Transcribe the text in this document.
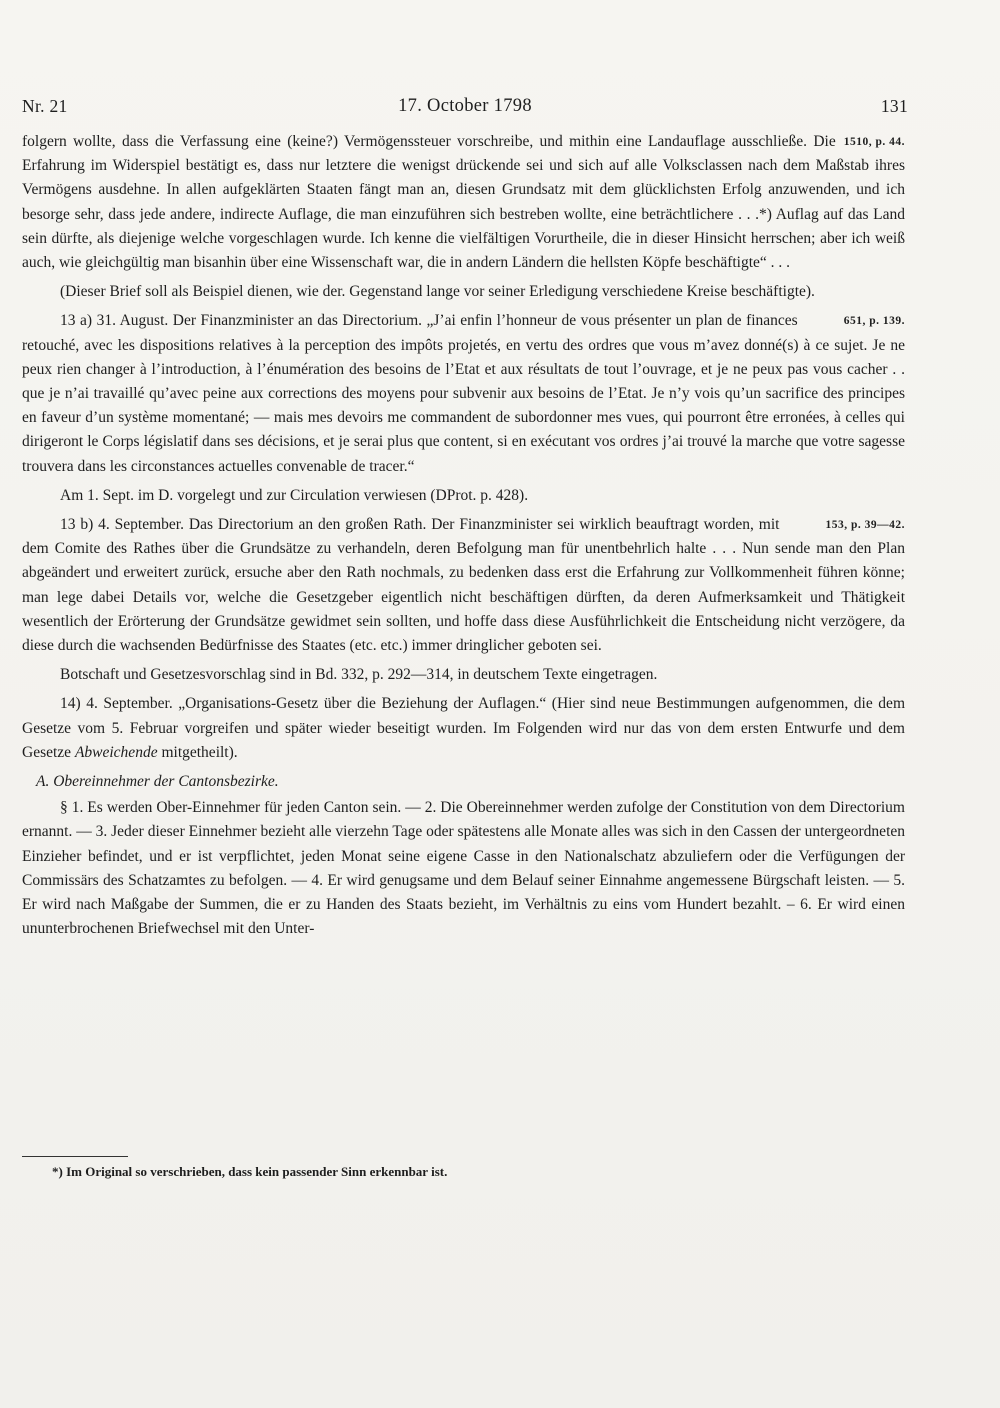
Nr. 21	17. October 1798	131

1510, p. 44.
folgern wollte, dass die Verfassung eine (keine?) Vermögenssteuer vorschreibe, und mithin eine Landauflage ausschließe. Die Erfahrung im Widerspiel bestätigt es, dass nur letztere die wenigst drückende sei und sich auf alle Volksclassen nach dem Maßstab ihres Vermögens ausdehne. In allen aufgeklärten Staaten fängt man an, diesen Grundsatz mit dem glücklichsten Erfolg anzuwenden, und ich besorge sehr, dass jede andere, indirecte Auflage, die man einzuführen sich bestreben wollte, eine beträchtlichere . . .*) Auflag auf das Land sein dürfte, als diejenige welche vorgeschlagen wurde. Ich kenne die vielfältigen Vorurtheile, die in dieser Hinsicht herrschen; aber ich weiß auch, wie gleichgültig man bisanhin über eine Wissenschaft war, die in andern Ländern die hellsten Köpfe beschäftigte“ . . .

(Dieser Brief soll als Beispiel dienen, wie der. Gegenstand lange vor seiner Erledigung verschiedene Kreise beschäftigte).

651, p. 139.
13 a) 31. August. Der Finanzminister an das Directorium. „J’ai enfin l’honneur de vous présenter un plan de finances retouché, avec les dispositions relatives à la perception des impôts projetés, en vertu des ordres que vous m’avez donné(s) à ce sujet. Je ne peux rien changer à l’introduction, à l’énumération des besoins de l’Etat et aux résultats de tout l’ouvrage, et je ne peux pas vous cacher . . que je n’ai travaillé qu’avec peine aux corrections des moyens pour subvenir aux besoins de l’Etat. Je n’y vois qu’un sacrifice des principes en faveur d’un système momentané; — mais mes devoirs me commandent de subordonner mes vues, qui pourront être erronées, à celles qui dirigeront le Corps législatif dans ses décisions, et je serai plus que content, si en exécutant vos ordres j’ai trouvé la marche que votre sagesse trouvera dans les circonstances actuelles convenable de tracer.“

Am 1. Sept. im D. vorgelegt und zur Circulation verwiesen (DProt. p. 428).

153, p. 39—42.
13 b) 4. September. Das Directorium an den großen Rath. Der Finanzminister sei wirklich beauftragt worden, mit dem Comite des Rathes über die Grundsätze zu verhandeln, deren Befolgung man für unentbehrlich halte . . . Nun sende man den Plan abgeändert und erweitert zurück, ersuche aber den Rath nochmals, zu bedenken dass erst die Erfahrung zur Vollkommenheit führen könne; man lege dabei Details vor, welche die Gesetzgeber eigentlich nicht beschäftigen dürften, da deren Aufmerksamkeit und Thätigkeit wesentlich der Erörterung der Grundsätze gewidmet sein sollten, und hoffe dass diese Ausführlichkeit die Entscheidung nicht verzögere, da diese durch die wachsenden Bedürfnisse des Staates (etc. etc.) immer dringlicher geboten sei.

Botschaft und Gesetzesvorschlag sind in Bd. 332, p. 292—314, in deutschem Texte eingetragen.

14) 4. September. „Organisations-Gesetz über die Beziehung der Auflagen.“ (Hier sind neue Bestimmungen aufgenommen, die dem Gesetze vom 5. Februar vorgreifen und später wieder beseitigt wurden. Im Folgenden wird nur das von dem ersten Entwurfe und dem Gesetze Abweichende mitgetheilt).

A. Obereinnehmer der Cantonsbezirke.

§ 1. Es werden Ober-Einnehmer für jeden Canton sein. — 2. Die Obereinnehmer werden zufolge der Constitution von dem Directorium ernannt. — 3. Jeder dieser Einnehmer bezieht alle vierzehn Tage oder spätestens alle Monate alles was sich in den Cassen der untergeordneten Einzieher befindet, und er ist verpflichtet, jeden Monat seine eigene Casse in den Nationalschatz abzuliefern oder die Verfügungen der Commissärs des Schatzamtes zu befolgen. — 4. Er wird genugsame und dem Belauf seiner Einnahme angemessene Bürgschaft leisten. — 5. Er wird nach Maßgabe der Summen, die er zu Handen des Staats bezieht, im Verhältnis zu eins vom Hundert bezahlt. – 6. Er wird einen ununterbrochenen Briefwechsel mit den Unter-

*) Im Original so verschrieben, dass kein passender Sinn erkennbar ist.
